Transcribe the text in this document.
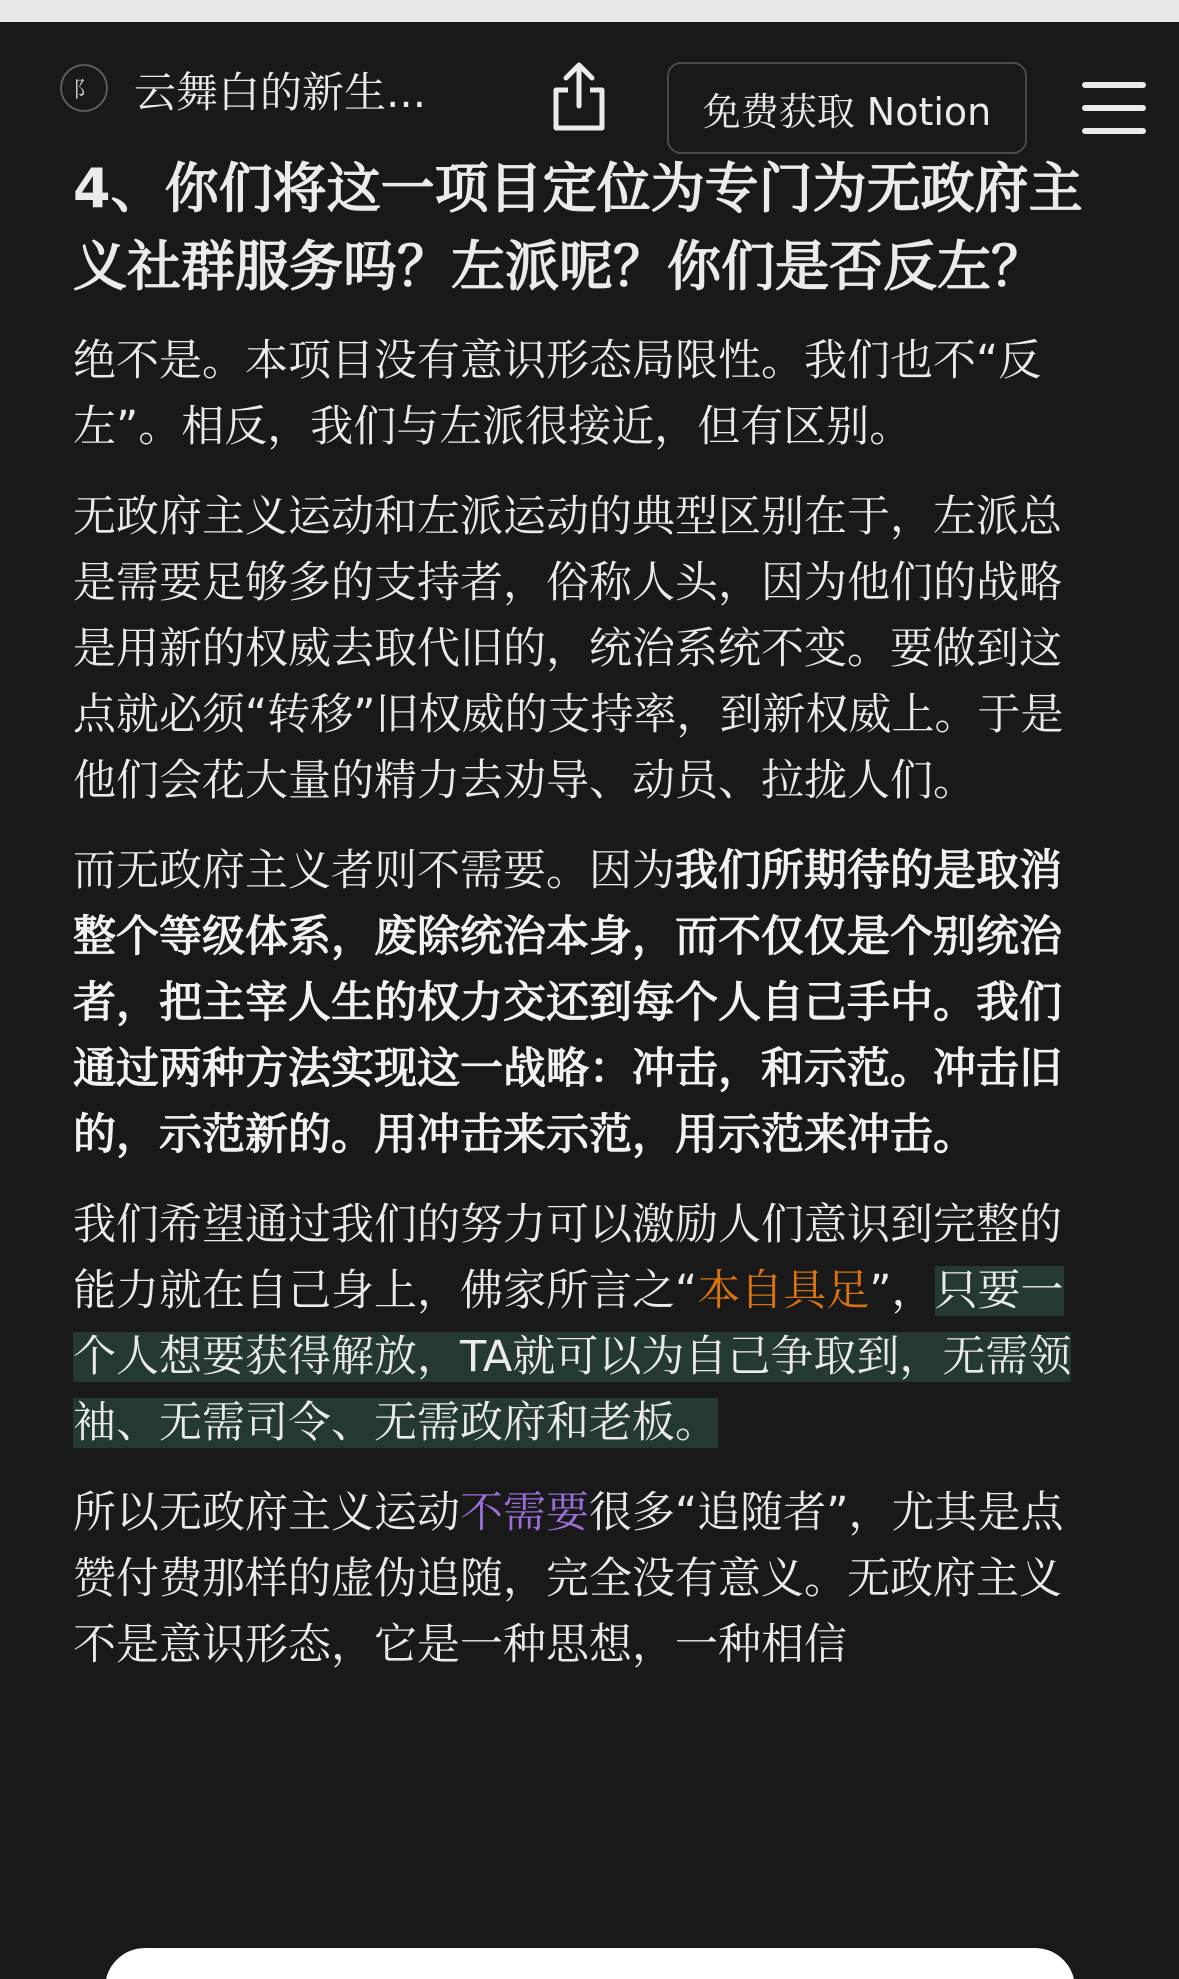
阝 云舞白的新生...	免费获取 Notion
4、你们将这一项目定位为专门为无政府主义社群服务吗？左派呢？你们是否反左？
绝不是。本项目没有意识形态局限性。我们也不“反左”。相反，我们与左派很接近，但有区别。
无政府主义运动和左派运动的典型区别在于，左派总是需要足够多的支持者，俗称人头，因为他们的战略是用新的权威去取代旧的，统治系统不变。要做到这点就必须“转移”旧权威的支持率，到新权威上。于是他们会花大量的精力去劝导、动员、拉拢人们。
而无政府主义者则不需要。因为我们所期待的是取消整个等级体系，废除统治本身，而不仅仅是个别统治者，把主宰人生的权力交还到每个人自己手中。我们通过两种方法实现这一战略：冲击，和示范。冲击旧的，示范新的。用冲击来示范，用示范来冲击。
我们希望通过我们的努力可以激励人们意识到完整的能力就在自己身上，佛家所言之“本自具足”，只要一个人想要获得解放，TA就可以为自己争取到，无需领袖、无需司令、无需政府和老板。
所以无政府主义运动不需要很多“追随者”，尤其是点赞付费那样的虚伪追随，完全没有意义。无政府主义不是意识形态，它是一种思想，一种相信
